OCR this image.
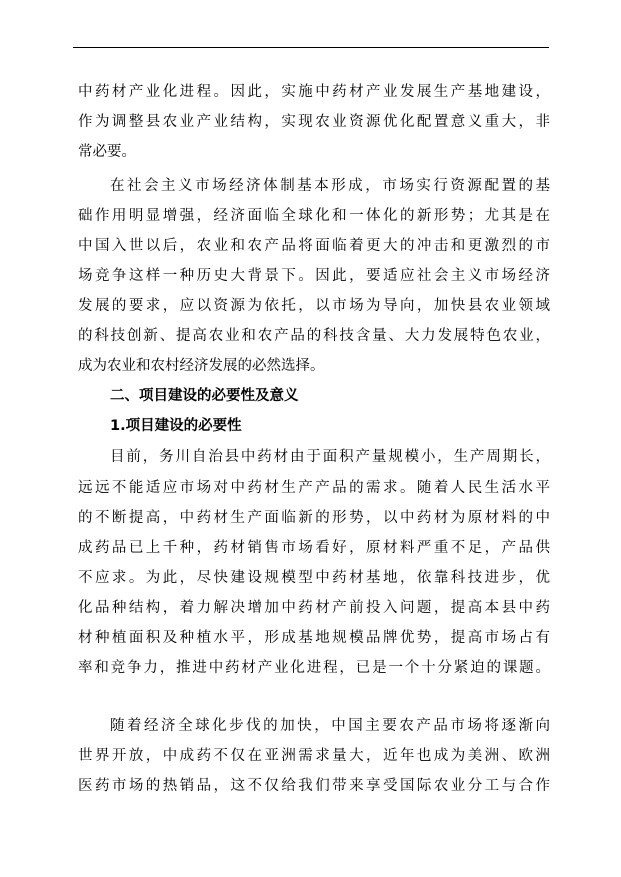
中药材产业化进程。因此，实施中药材产业发展生产基地建设，
作为调整县农业产业结构，实现农业资源优化配置意义重大，非
常必要。
在社会主义市场经济体制基本形成，市场实行资源配置的基
础作用明显增强，经济面临全球化和一体化的新形势；尤其是在
中国入世以后，农业和农产品将面临着更大的冲击和更激烈的市
场竞争这样一种历史大背景下。因此，要适应社会主义市场经济
发展的要求，应以资源为依托，以市场为导向，加快县农业领域
的科技创新、提高农业和农产品的科技含量、大力发展特色农业，
成为农业和农村经济发展的必然选择。
二、项目建设的必要性及意义
1.项目建设的必要性
目前，务川自治县中药材由于面积产量规模小，生产周期长，
远远不能适应市场对中药材生产产品的需求。随着人民生活水平
的不断提高，中药材生产面临新的形势，以中药材为原材料的中
成药品已上千种，药材销售市场看好，原材料严重不足，产品供
不应求。为此，尽快建设规模型中药材基地，依靠科技进步，优
化品种结构，着力解决增加中药材产前投入问题，提高本县中药
材种植面积及种植水平，形成基地规模品牌优势，提高市场占有
率和竞争力，推进中药材产业化进程，已是一个十分紧迫的课题。
随着经济全球化步伐的加快，中国主要农产品市场将逐渐向
世界开放，中成药不仅在亚洲需求量大，近年也成为美洲、欧洲
医药市场的热销品，这不仅给我们带来享受国际农业分工与合作
